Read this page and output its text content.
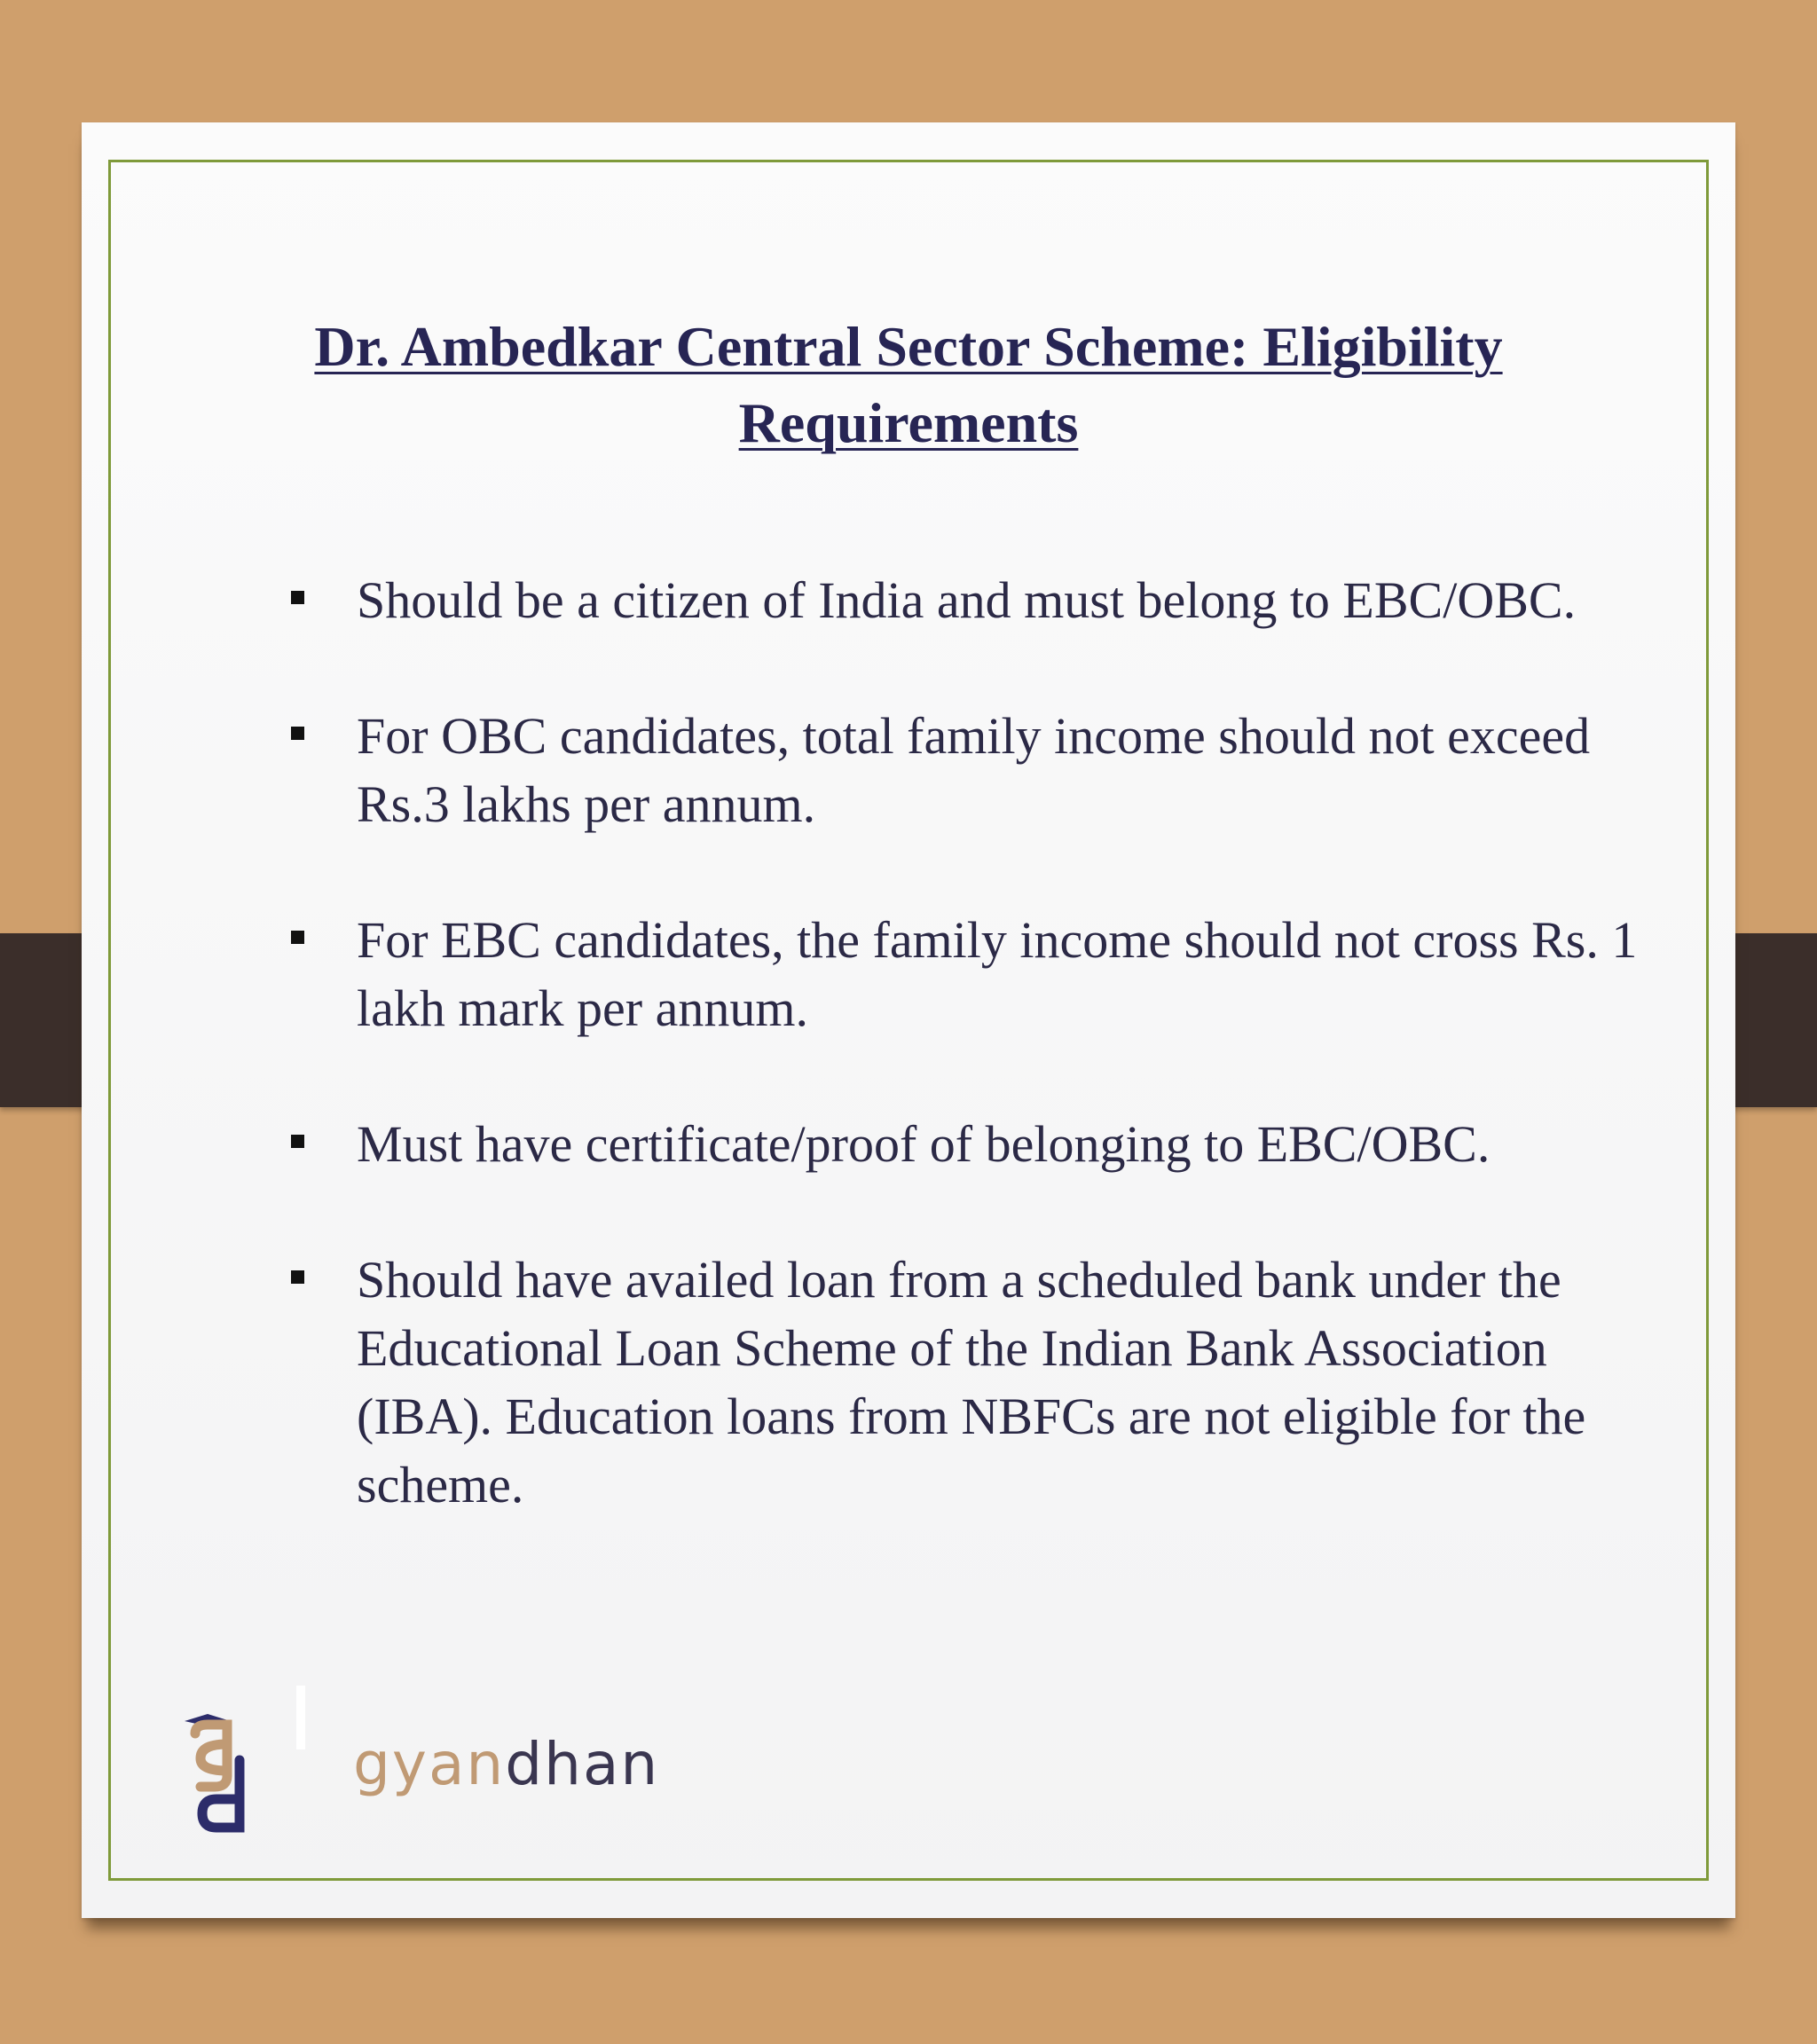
Dr. Ambedkar Central Sector Scheme: Eligibility Requirements
Should be a citizen of India and must belong to EBC/OBC.
For OBC candidates, total family income should not exceed Rs.3 lakhs per annum.
For EBC candidates, the family income should not cross Rs. 1 lakh mark per annum.
Must have certificate/proof of belonging to EBC/OBC.
Should have availed loan from a scheduled bank under the Educational Loan Scheme of the Indian Bank Association (IBA). Education loans from NBFCs are not eligible for the scheme.
gyandhan
